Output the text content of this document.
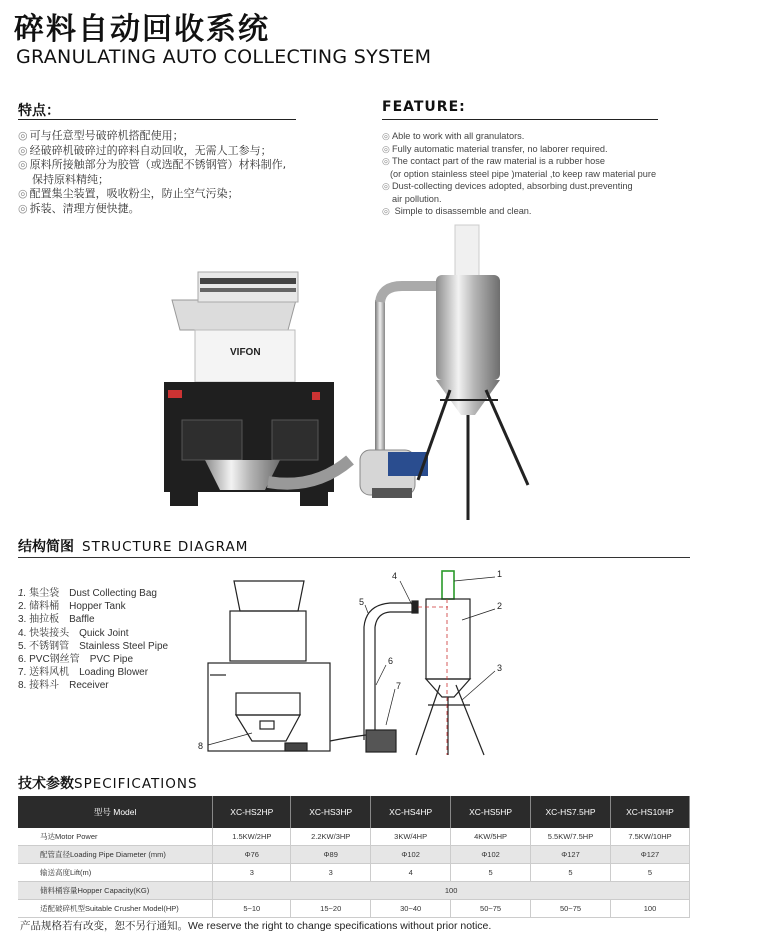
碎料自动回收系统
GRANULATING AUTO COLLECTING SYSTEM
特点：
◎ 可与任意型号破碎机搭配使用；
◎ 经破碎机破碎过的碎料自动回收，无需人工参与；
◎ 原料所接触部分为胶管（或选配不锈钢管）材料制作,
保持原料精纯；
◎ 配置集尘装置，吸收粉尘，防止空气污染；
◎ 拆装、清理方便快捷。
FEATURE:
◎ Able to work with all granulators.
◎ Fully automatic material transfer, no laborer required.
◎ The contact part of the raw material is a rubber hose
(or option stainless steel pipe )material ,to keep raw material pure
◎ Dust-collecting devices adopted, absorbing dust.preventing
air pollution.
◎ Simple to disassemble and clean.
VIFON
结构简图 STRUCTURE DIAGRAM
1. 集尘袋 Dust Collecting Bag
2. 储料桶 Hopper Tank
3. 抽拉板 Baffle
4. 快装接头 Quick Joint
5. 不锈钢管 Stainless Steel Pipe
6. PVC钢丝管 PVC Pipe
7. 送料风机 Loading Blower
8. 接料斗 Receiver
1
2
3
4
5
6
7
8
技术参数SPECIFICATIONS
型号 Model	XC-HS2HP	XC-HS3HP	XC-HS4HP	XC-HS5HP	XC-HS7.5HP	XC-HS10HP
马达Motor Power	1.5KW/2HP	2.2KW/3HP	3KW/4HP	4KW/5HP	5.5KW/7.5HP	7.5KW/10HP
配管直径Loading Pipe Diameter (mm)	Φ76	Φ89	Φ102	Φ102	Φ127	Φ127
输送高度Lift(m)	3	3	4	5	5	5
储料桶容量Hopper Capacity(KG)	100					
适配破碎机型Suitable Crusher Model(HP)	5~10	15~20	30~40	50~75	50~75	100
产品规格若有改变，恕不另行通知。We reserve the right to change specifications without prior notice.
